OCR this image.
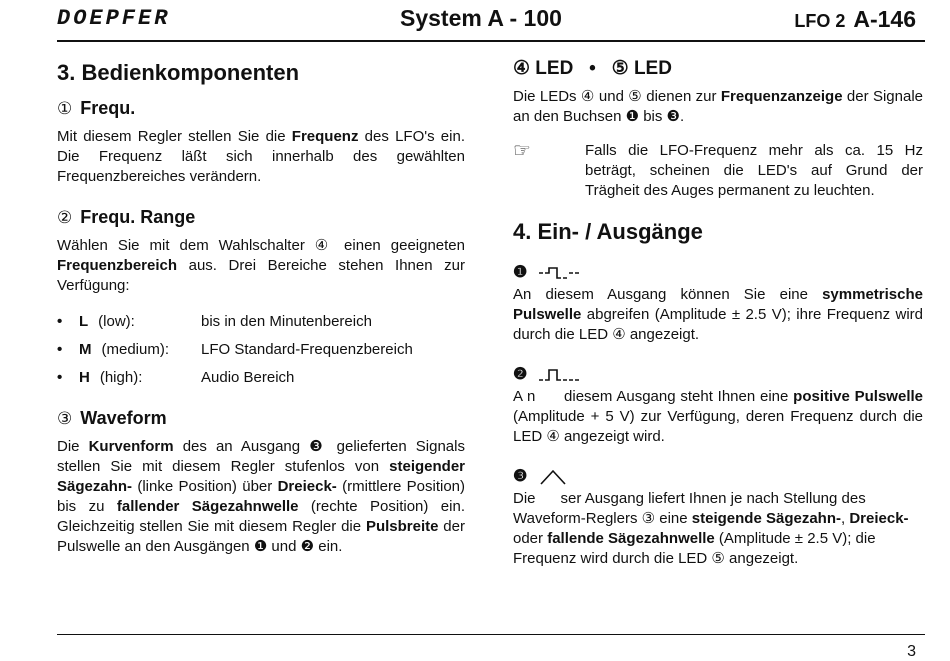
DOEPFER	System A - 100	LFO 2 A-146
3. Bedienkomponenten
① Frequ.

Mit diesem Regler stellen Sie die Frequenz des LFO's ein. Die Frequenz läßt sich innerhalb des gewählten Frequenzbereiches verändern.

② Frequ. Range

Wählen Sie mit dem Wahlschalter ④ einen geeigneten Frequenzbereich aus. Drei Bereiche stehen Ihnen zur Verfügung:

•	L (low):	bis in den Minutenbereich
•	M (medium):	LFO Standard-Frequenzbereich
•	H (high):	Audio Bereich
③ Waveform

Die Kurvenform des an Ausgang ❸ gelieferten Signals stellen Sie mit diesem Regler stufenlos von steigender Sägezahn- (linke Position) über Dreieck- (rmittlere Position) bis zu fallender Sägezahnwelle (rechte Position) ein. Gleichzeitig stellen Sie mit diesem Regler die Pulsbreite der Pulswelle an den Ausgängen ❶ und ❷ ein.

④ LED   •   ⑤ LED

Die LEDs ④ und ⑤ dienen zur Frequenzanzeige der Signale an den Buchsen ❶ bis ❸.

☞	Falls die LFO-Frequenz mehr als ca. 15 Hz beträgt, scheinen die LED's auf Grund der Trägheit des Auges permanent zu leuchten.

4. Ein- / Ausgänge
❶

An diesem Ausgang können Sie eine symmetrische Pulswelle abgreifen (Amplitude ± 2.5 V); ihre Frequenz wird durch die LED ④ angezeigt.

❷

A n      diesem Ausgang steht Ihnen eine positive Pulswelle (Amplitude + 5 V) zur Verfügung, deren Frequenz durch die LED ④ angezeigt wird.

❸

Die      ser Ausgang liefert Ihnen je nach Stellung des Waveform-Reglers ③ eine steigende Sägezahn-, Dreieck- oder fallende Sägezahnwelle (Amplitude ± 2.5 V); die Frequenz wird durch die LED ⑤ angezeigt.

3
